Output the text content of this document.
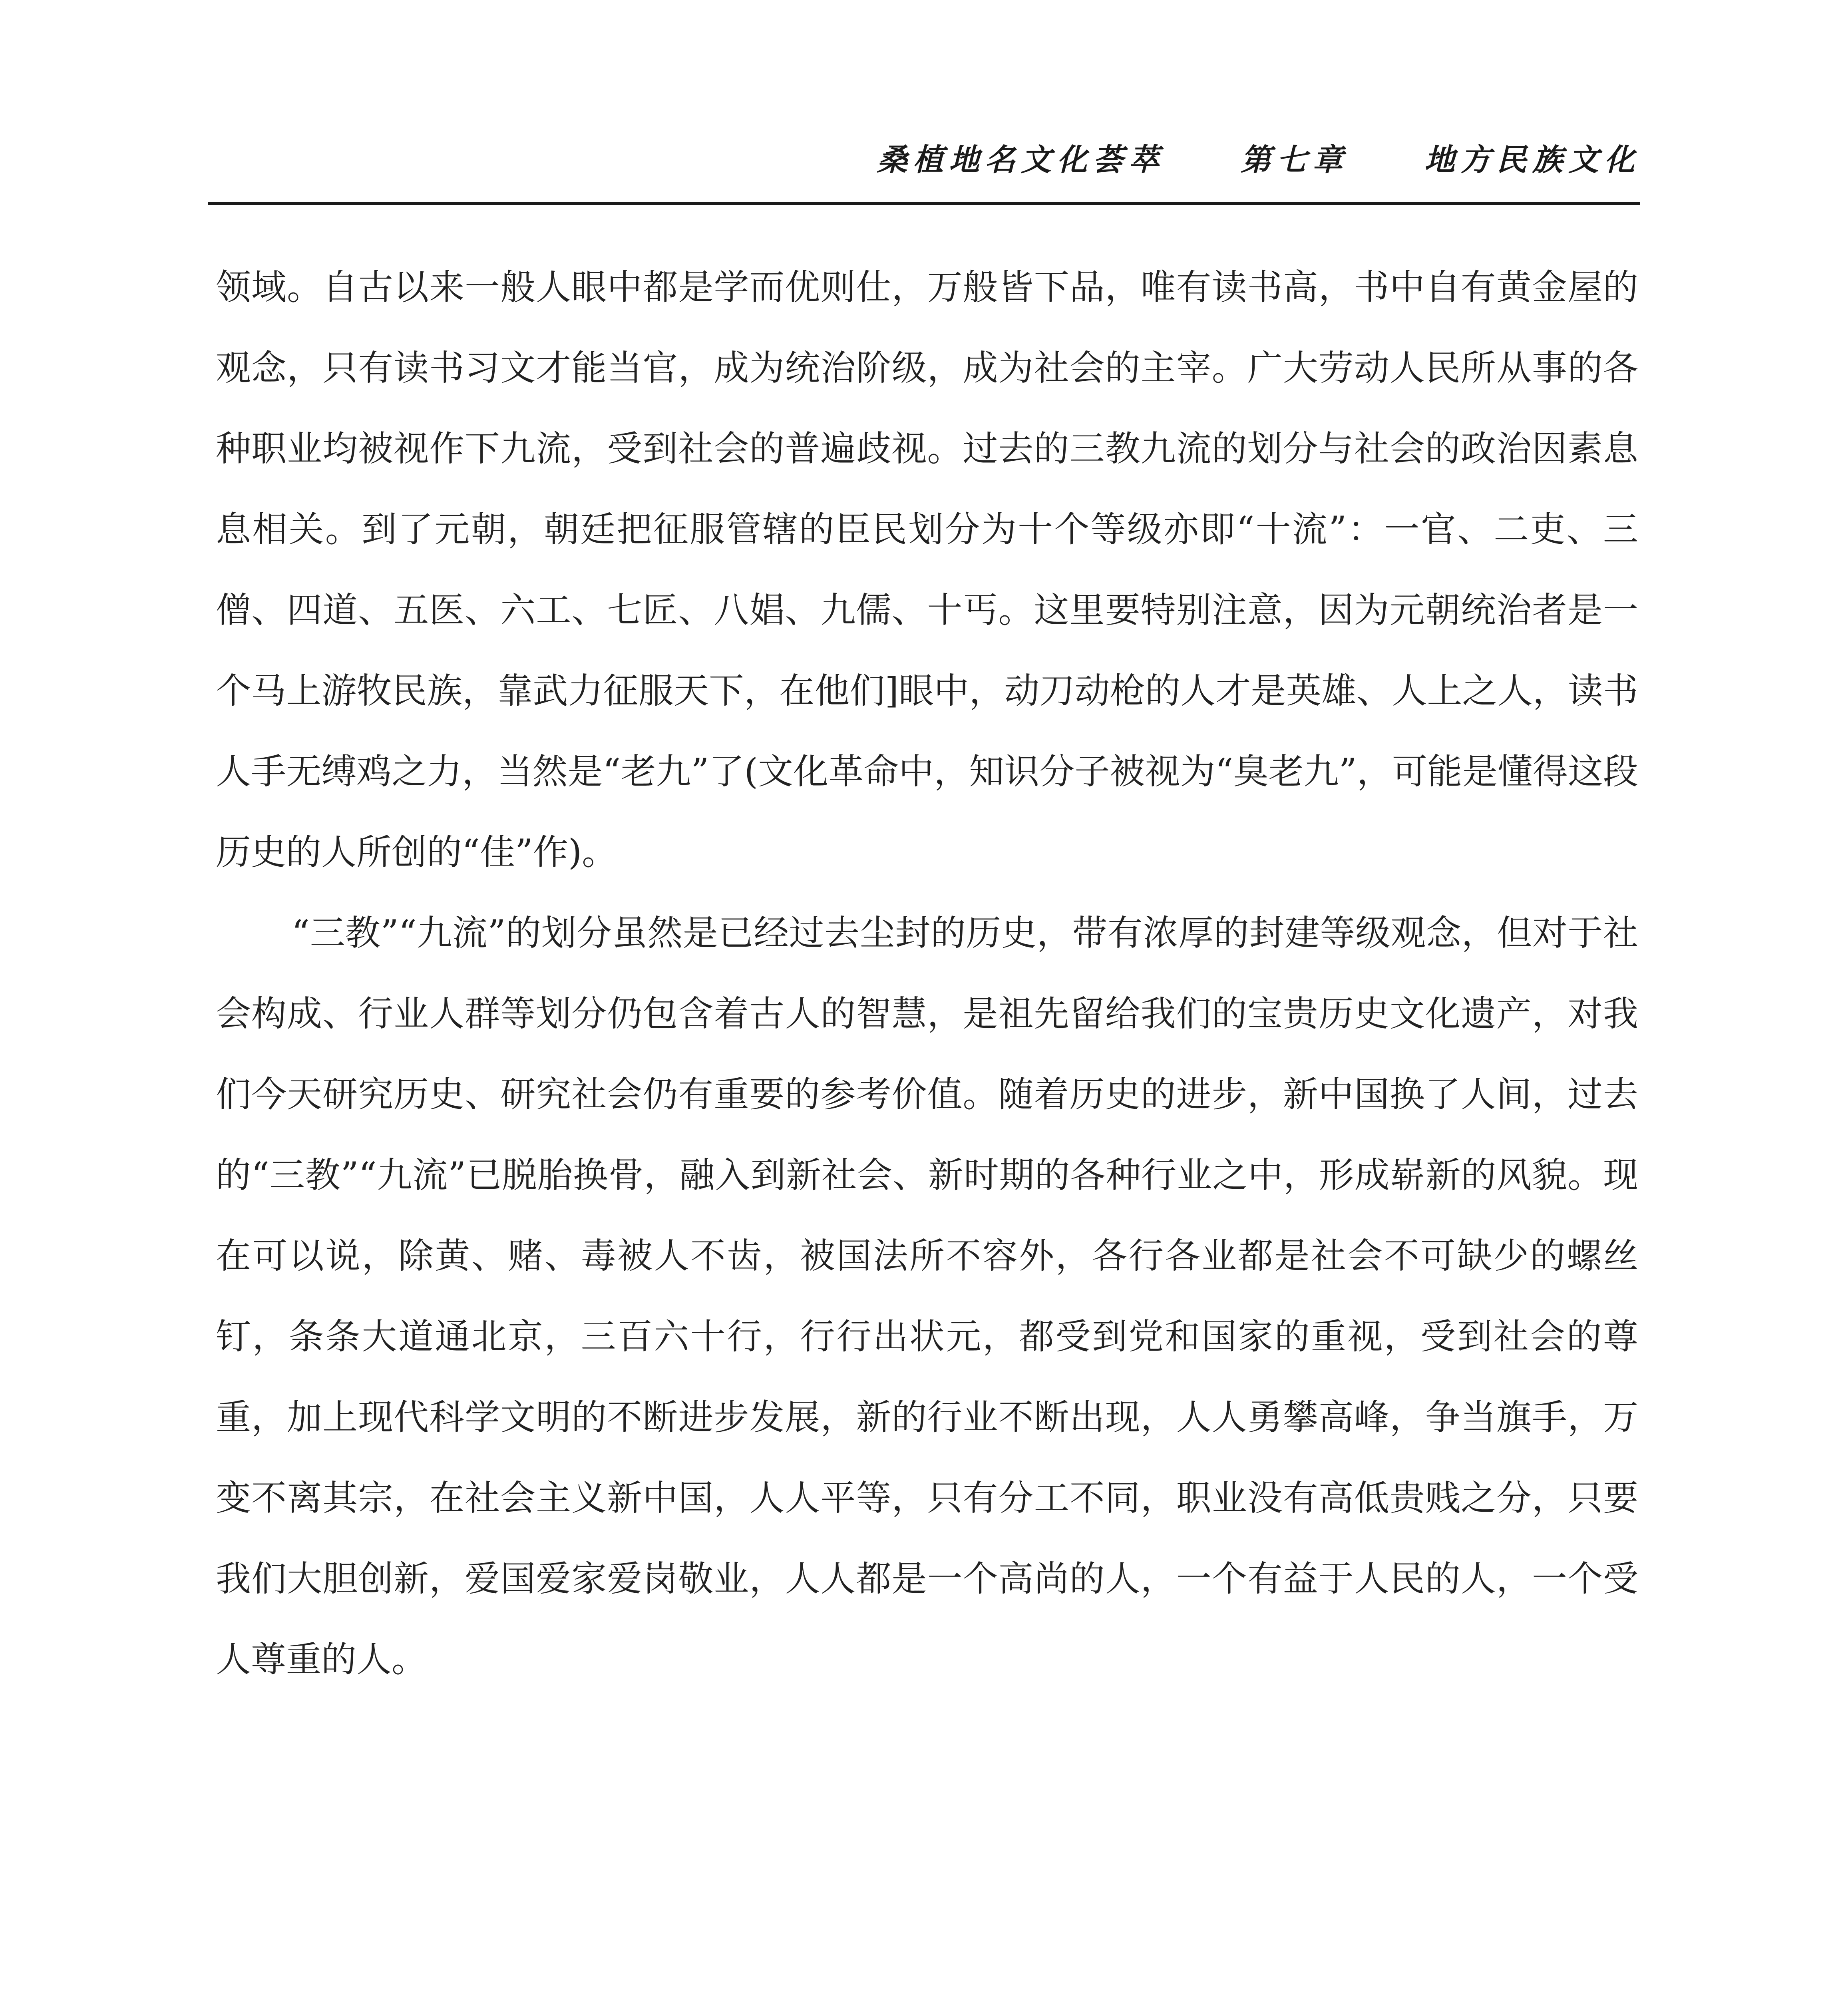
桑植地名文化荟萃	第七章	地方民族文化

领域。自古以来一般人眼中都是学而优则仕，万般皆下品，唯有读书高，书中自有黄金屋的观念，只有读书习文才能当官，成为统治阶级，成为社会的主宰。广大劳动人民所从事的各种职业均被视作下九流，受到社会的普遍歧视。过去的三教九流的划分与社会的政治因素息息相关。到了元朝，朝廷把征服管辖的臣民划分为十个等级亦即“十流”：一官、二吏、三僧、四道、五医、六工、七匠、八娼、九儒、十丐。这里要特别注意，因为元朝统治者是一个马上游牧民族，靠武力征服天下，在他们]眼中，动刀动枪的人才是英雄、人上之人，读书人手无缚鸡之力，当然是“老九”了(文化革命中，知识分子被视为“臭老九”，可能是懂得这段历史的人所创的“佳”作)。

“三教”“九流”的划分虽然是已经过去尘封的历史，带有浓厚的封建等级观念，但对于社会构成、行业人群等划分仍包含着古人的智慧，是祖先留给我们的宝贵历史文化遗产，对我们今天研究历史、研究社会仍有重要的参考价值。随着历史的进步，新中国换了人间，过去的“三教”“九流”已脱胎换骨，融入到新社会、新时期的各种行业之中，形成崭新的风貌。现在可以说，除黄、赌、毒被人不齿，被国法所不容外，各行各业都是社会不可缺少的螺丝钉，条条大道通北京，三百六十行，行行出状元，都受到党和国家的重视，受到社会的尊重，加上现代科学文明的不断进步发展，新的行业不断出现，人人勇攀高峰，争当旗手，万变不离其宗，在社会主义新中国，人人平等，只有分工不同，职业没有高低贵贱之分，只要我们大胆创新，爱国爱家爱岗敬业，人人都是一个高尚的人，一个有益于人民的人，一个受人尊重的人。
